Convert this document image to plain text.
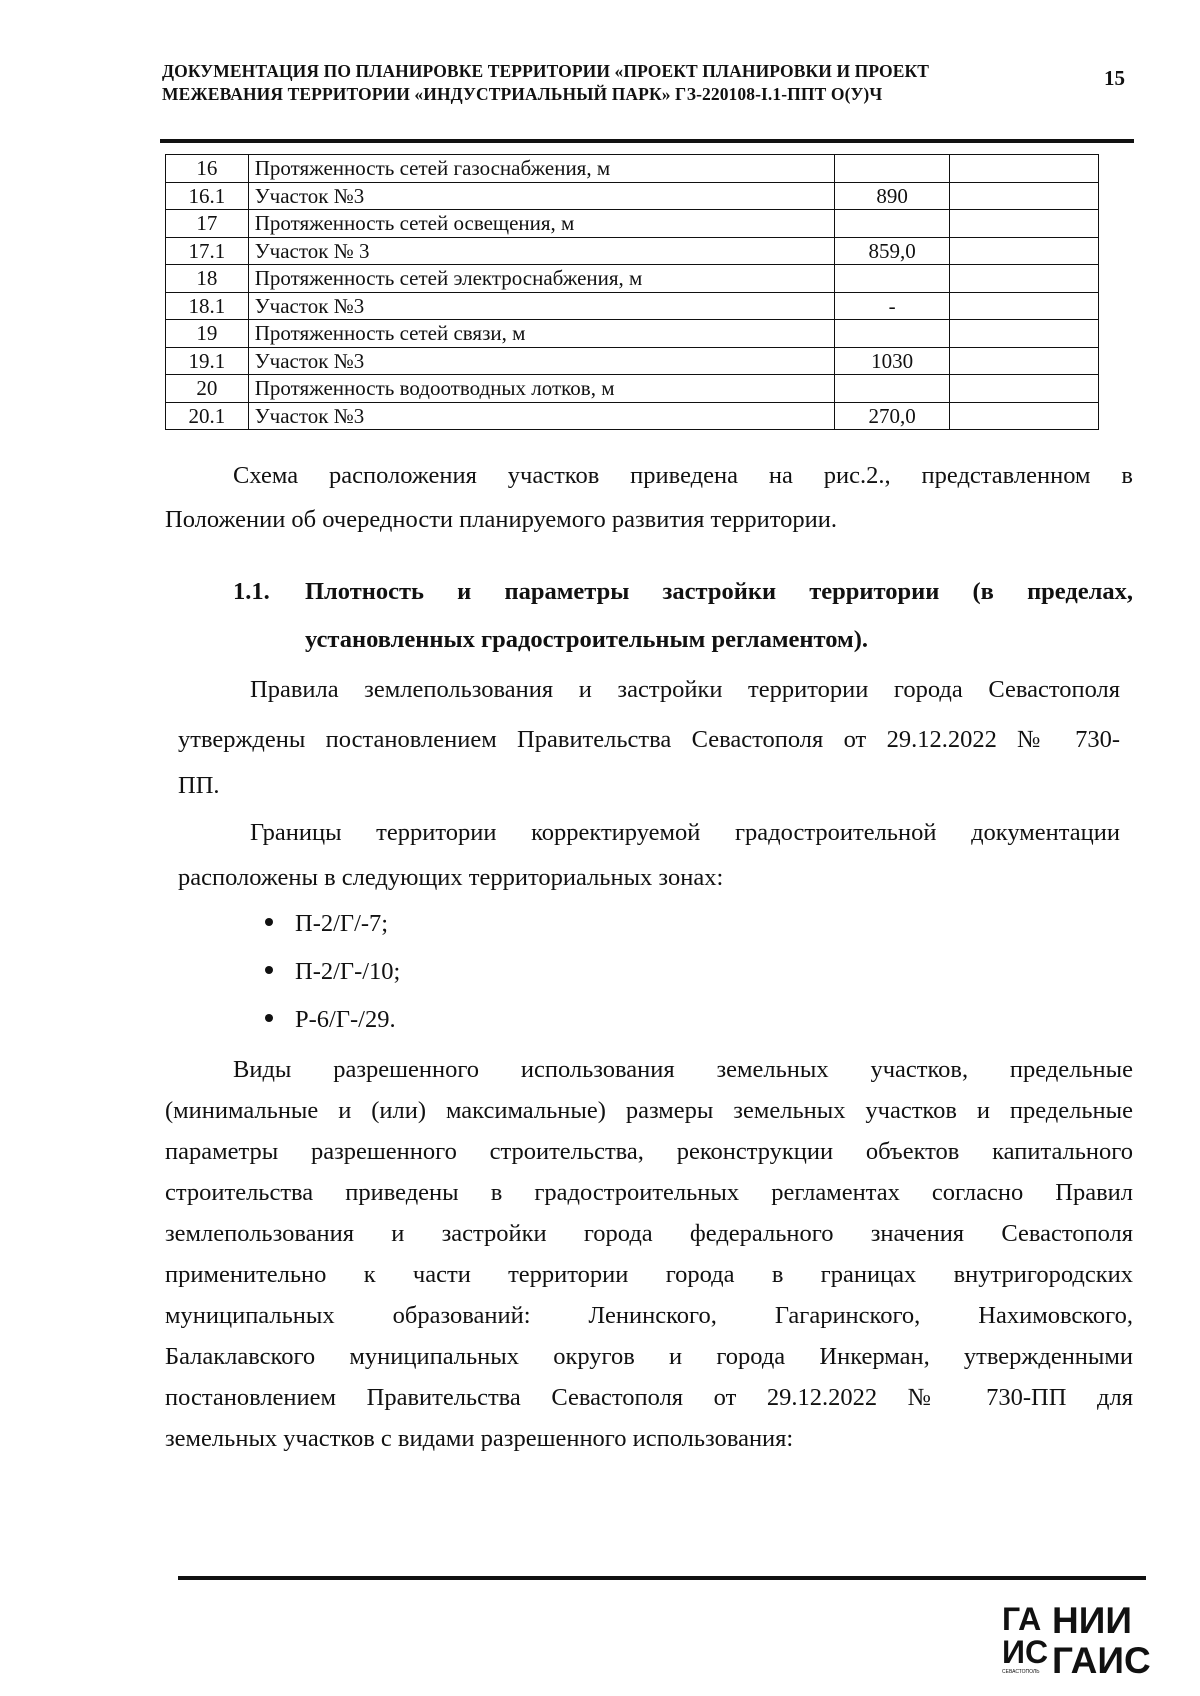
ДОКУМЕНТАЦИЯ ПО ПЛАНИРОВКЕ ТЕРРИТОРИИ «ПРОЕКТ ПЛАНИРОВКИ И ПРОЕКТ
МЕЖЕВАНИЯ ТЕРРИТОРИИ «ИНДУСТРИАЛЬНЫЙ ПАРК» ГЗ-220108-I.1-ППТ О(У)Ч
15
16	Протяженность сетей газоснабжения, м		
16.1	Участок №3	890	
17	Протяженность сетей освещения, м		
17.1	Участок № 3	859,0	
18	Протяженность сетей электроснабжения, м		
18.1	Участок №3	-	
19	Протяженность сетей связи, м		
19.1	Участок №3	1030	
20	Протяженность водоотводных лотков, м		
20.1	Участок №3	270,0	
Схема расположения участков приведена на рис.2., представленном в
Положении об очередности планируемого развития территории.
1.1. Плотность и параметры застройки территории (в пределах,
установленных градостроительным регламентом).
Правила землепользования и застройки территории города Севастополя
утверждены постановлением Правительства Севастополя от 29.12.2022 № 730-
ПП.
Границы территории корректируемой градостроительной документации
расположены в следующих территориальных зонах:
П-2/Г/-7;
П-2/Г-/10;
Р-6/Г-/29.
Виды разрешенного использования земельных участков, предельные
(минимальные и (или) максимальные) размеры земельных участков и предельные
параметры разрешенного строительства, реконструкции объектов капитального
строительства приведены в градостроительных регламентах согласно Правил
землепользования и застройки города федерального значения Севастополя
применительно к части территории города в границах внутригородских
муниципальных образований: Ленинского, Гагаринского, Нахимовского,
Балаклавского муниципальных округов и города Инкерман, утвержденными
постановлением Правительства Севастополя от 29.12.2022 № 730-ПП для
земельных участков с видами разрешенного использования:
ГА
ИС
СЕВАСТОПОЛЬ
НИИ
ГАИС
